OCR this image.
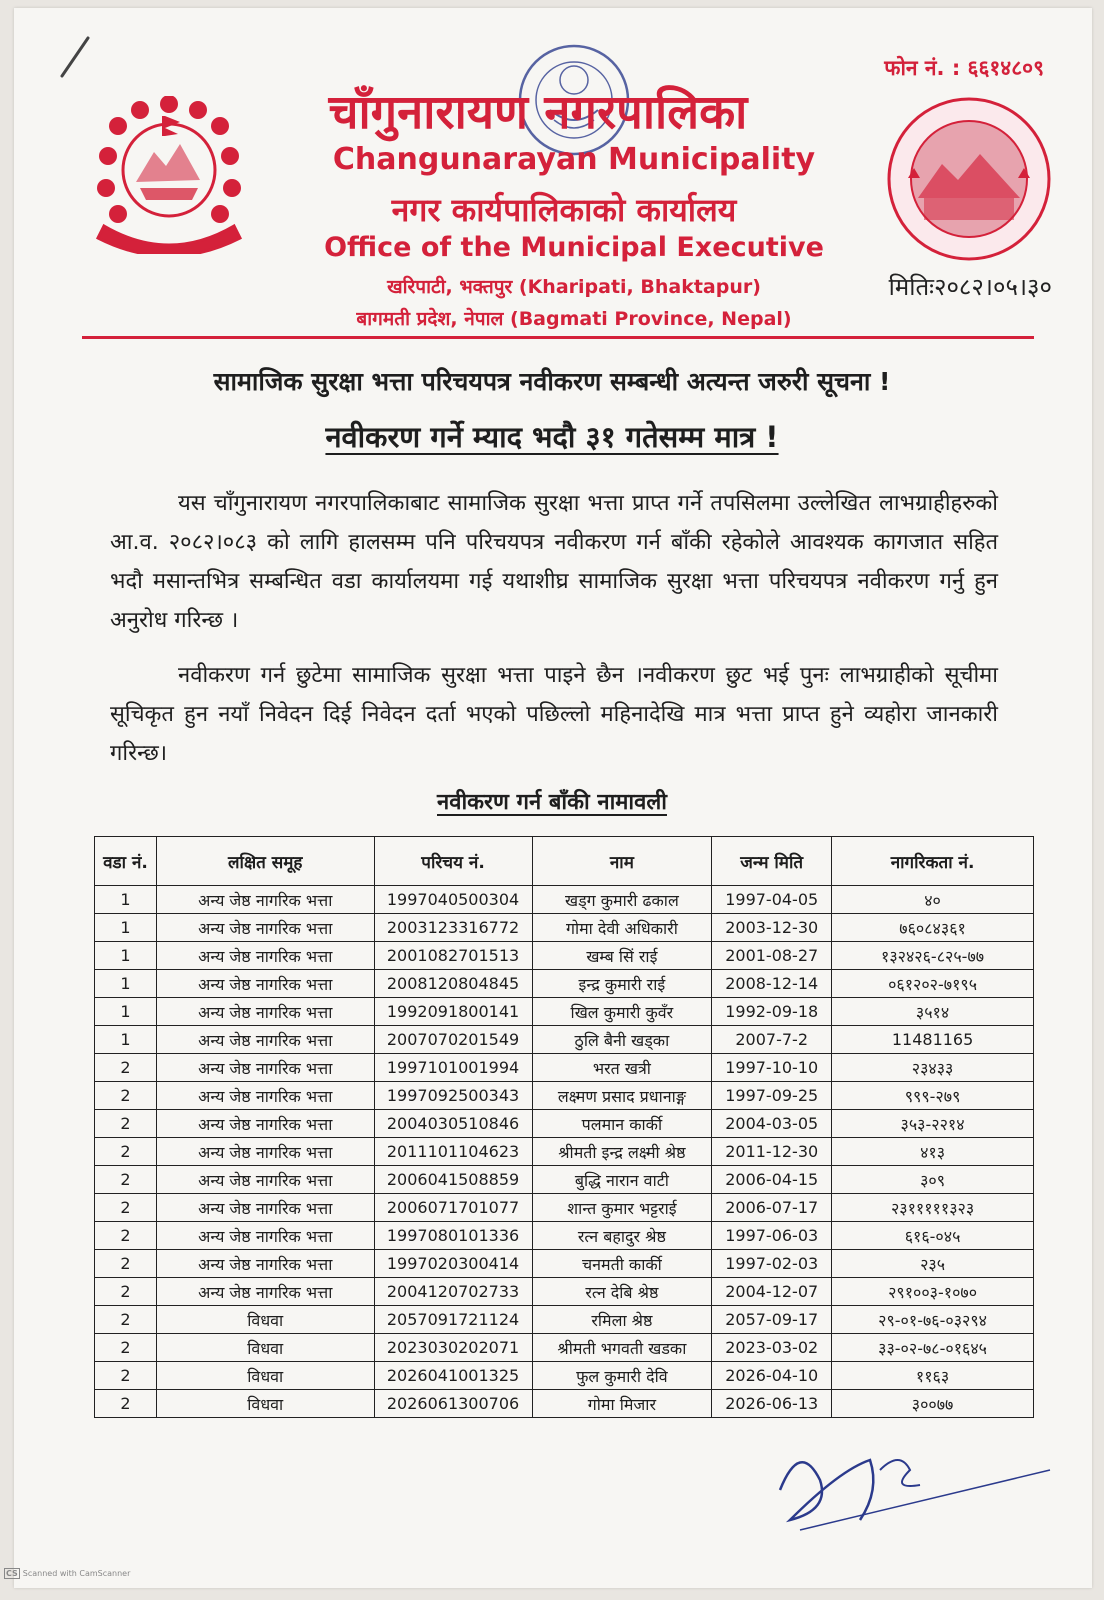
फोन नं. : ६६१४८०९
चाँगुनारायण नगरपालिका
Changunarayan Municipality
नगर कार्यपालिकाको कार्यालय
Office of the Municipal Executive
खरिपाटी, भक्तपुर (Kharipati, Bhaktapur)
बागमती प्रदेश, नेपाल (Bagmati Province, Nepal)
मितिः२०८२।०५।३०
सामाजिक सुरक्षा भत्ता परिचयपत्र नवीकरण सम्बन्धी अत्यन्त जरुरी सूचना !
नवीकरण गर्ने म्याद भदौ ३१ गतेसम्म मात्र !
यस चाँगुनारायण नगरपालिकाबाट सामाजिक सुरक्षा भत्ता प्राप्त गर्ने तपसिलमा उल्लेखित लाभग्राहीहरुको आ.व. २०८२।०८३ को लागि हालसम्म पनि परिचयपत्र नवीकरण गर्न बाँकी रहेकोले आवश्यक कागजात सहित भदौ मसान्तभित्र सम्बन्धित वडा कार्यालयमा गई यथाशीघ्र सामाजिक सुरक्षा भत्ता परिचयपत्र नवीकरण गर्नु हुन अनुरोध गरिन्छ ।
नवीकरण गर्न छुटेमा सामाजिक सुरक्षा भत्ता पाइने छैन ।नवीकरण छुट भई पुनः लाभग्राहीको सूचीमा सूचिकृत हुन नयाँ निवेदन दिई निवेदन दर्ता भएको पछिल्लो महिनादेखि मात्र भत्ता प्राप्त हुने व्यहोरा जानकारी गरिन्छ।
नवीकरण गर्न बाँकी नामावली
वडा नं.	लक्षित समूह	परिचय नं.	नाम	जन्म मिति	नागरिकता नं.
1	अन्य जेष्ठ नागरिक भत्ता	1997040500304	खड्ग कुमारी ढकाल	1997-04-05	४०
1	अन्य जेष्ठ नागरिक भत्ता	2003123316772	गोमा देवी अधिकारी	2003-12-30	७६०८४३६१
1	अन्य जेष्ठ नागरिक भत्ता	2001082701513	खम्ब सिं राई	2001-08-27	१३२४२६-८२५-७७
1	अन्य जेष्ठ नागरिक भत्ता	2008120804845	इन्द्र कुमारी राई	2008-12-14	०६१२०२-७१९५
1	अन्य जेष्ठ नागरिक भत्ता	1992091800141	खिल कुमारी कुवँर	1992-09-18	३५१४
1	अन्य जेष्ठ नागरिक भत्ता	2007070201549	ठुलि बैनी खड्का	2007-7-2	11481165
2	अन्य जेष्ठ नागरिक भत्ता	1997101001994	भरत खत्री	1997-10-10	२३४३३
2	अन्य जेष्ठ नागरिक भत्ता	1997092500343	लक्ष्मण प्रसाद प्रधानाङ्ग	1997-09-25	९९९-२७९
2	अन्य जेष्ठ नागरिक भत्ता	2004030510846	पलमान कार्की	2004-03-05	३५३-२२१४
2	अन्य जेष्ठ नागरिक भत्ता	2011101104623	श्रीमती इन्द्र लक्ष्मी श्रेष्ठ	2011-12-30	४१३
2	अन्य जेष्ठ नागरिक भत्ता	2006041508859	बुद्धि नारान वाटी	2006-04-15	३०९
2	अन्य जेष्ठ नागरिक भत्ता	2006071701077	शान्त कुमार भट्टराई	2006-07-17	२३१११११३२३
2	अन्य जेष्ठ नागरिक भत्ता	1997080101336	रत्न बहादुर श्रेष्ठ	1997-06-03	६१६-०४५
2	अन्य जेष्ठ नागरिक भत्ता	1997020300414	चनमती कार्की	1997-02-03	२३५
2	अन्य जेष्ठ नागरिक भत्ता	2004120702733	रत्न देबि श्रेष्ठ	2004-12-07	२९१००३-१०७०
2	विधवा	2057091721124	रमिला श्रेष्ठ	2057-09-17	२९-०१-७६-०३२९४
2	विधवा	2023030202071	श्रीमती भगवती खडका	2023-03-02	३३-०२-७८-०१६४५
2	विधवा	2026041001325	फुल कुमारी देवि	2026-04-10	११६३
2	विधवा	2026061300706	गोमा मिजार	2026-06-13	३००७७
CS Scanned with CamScanner
